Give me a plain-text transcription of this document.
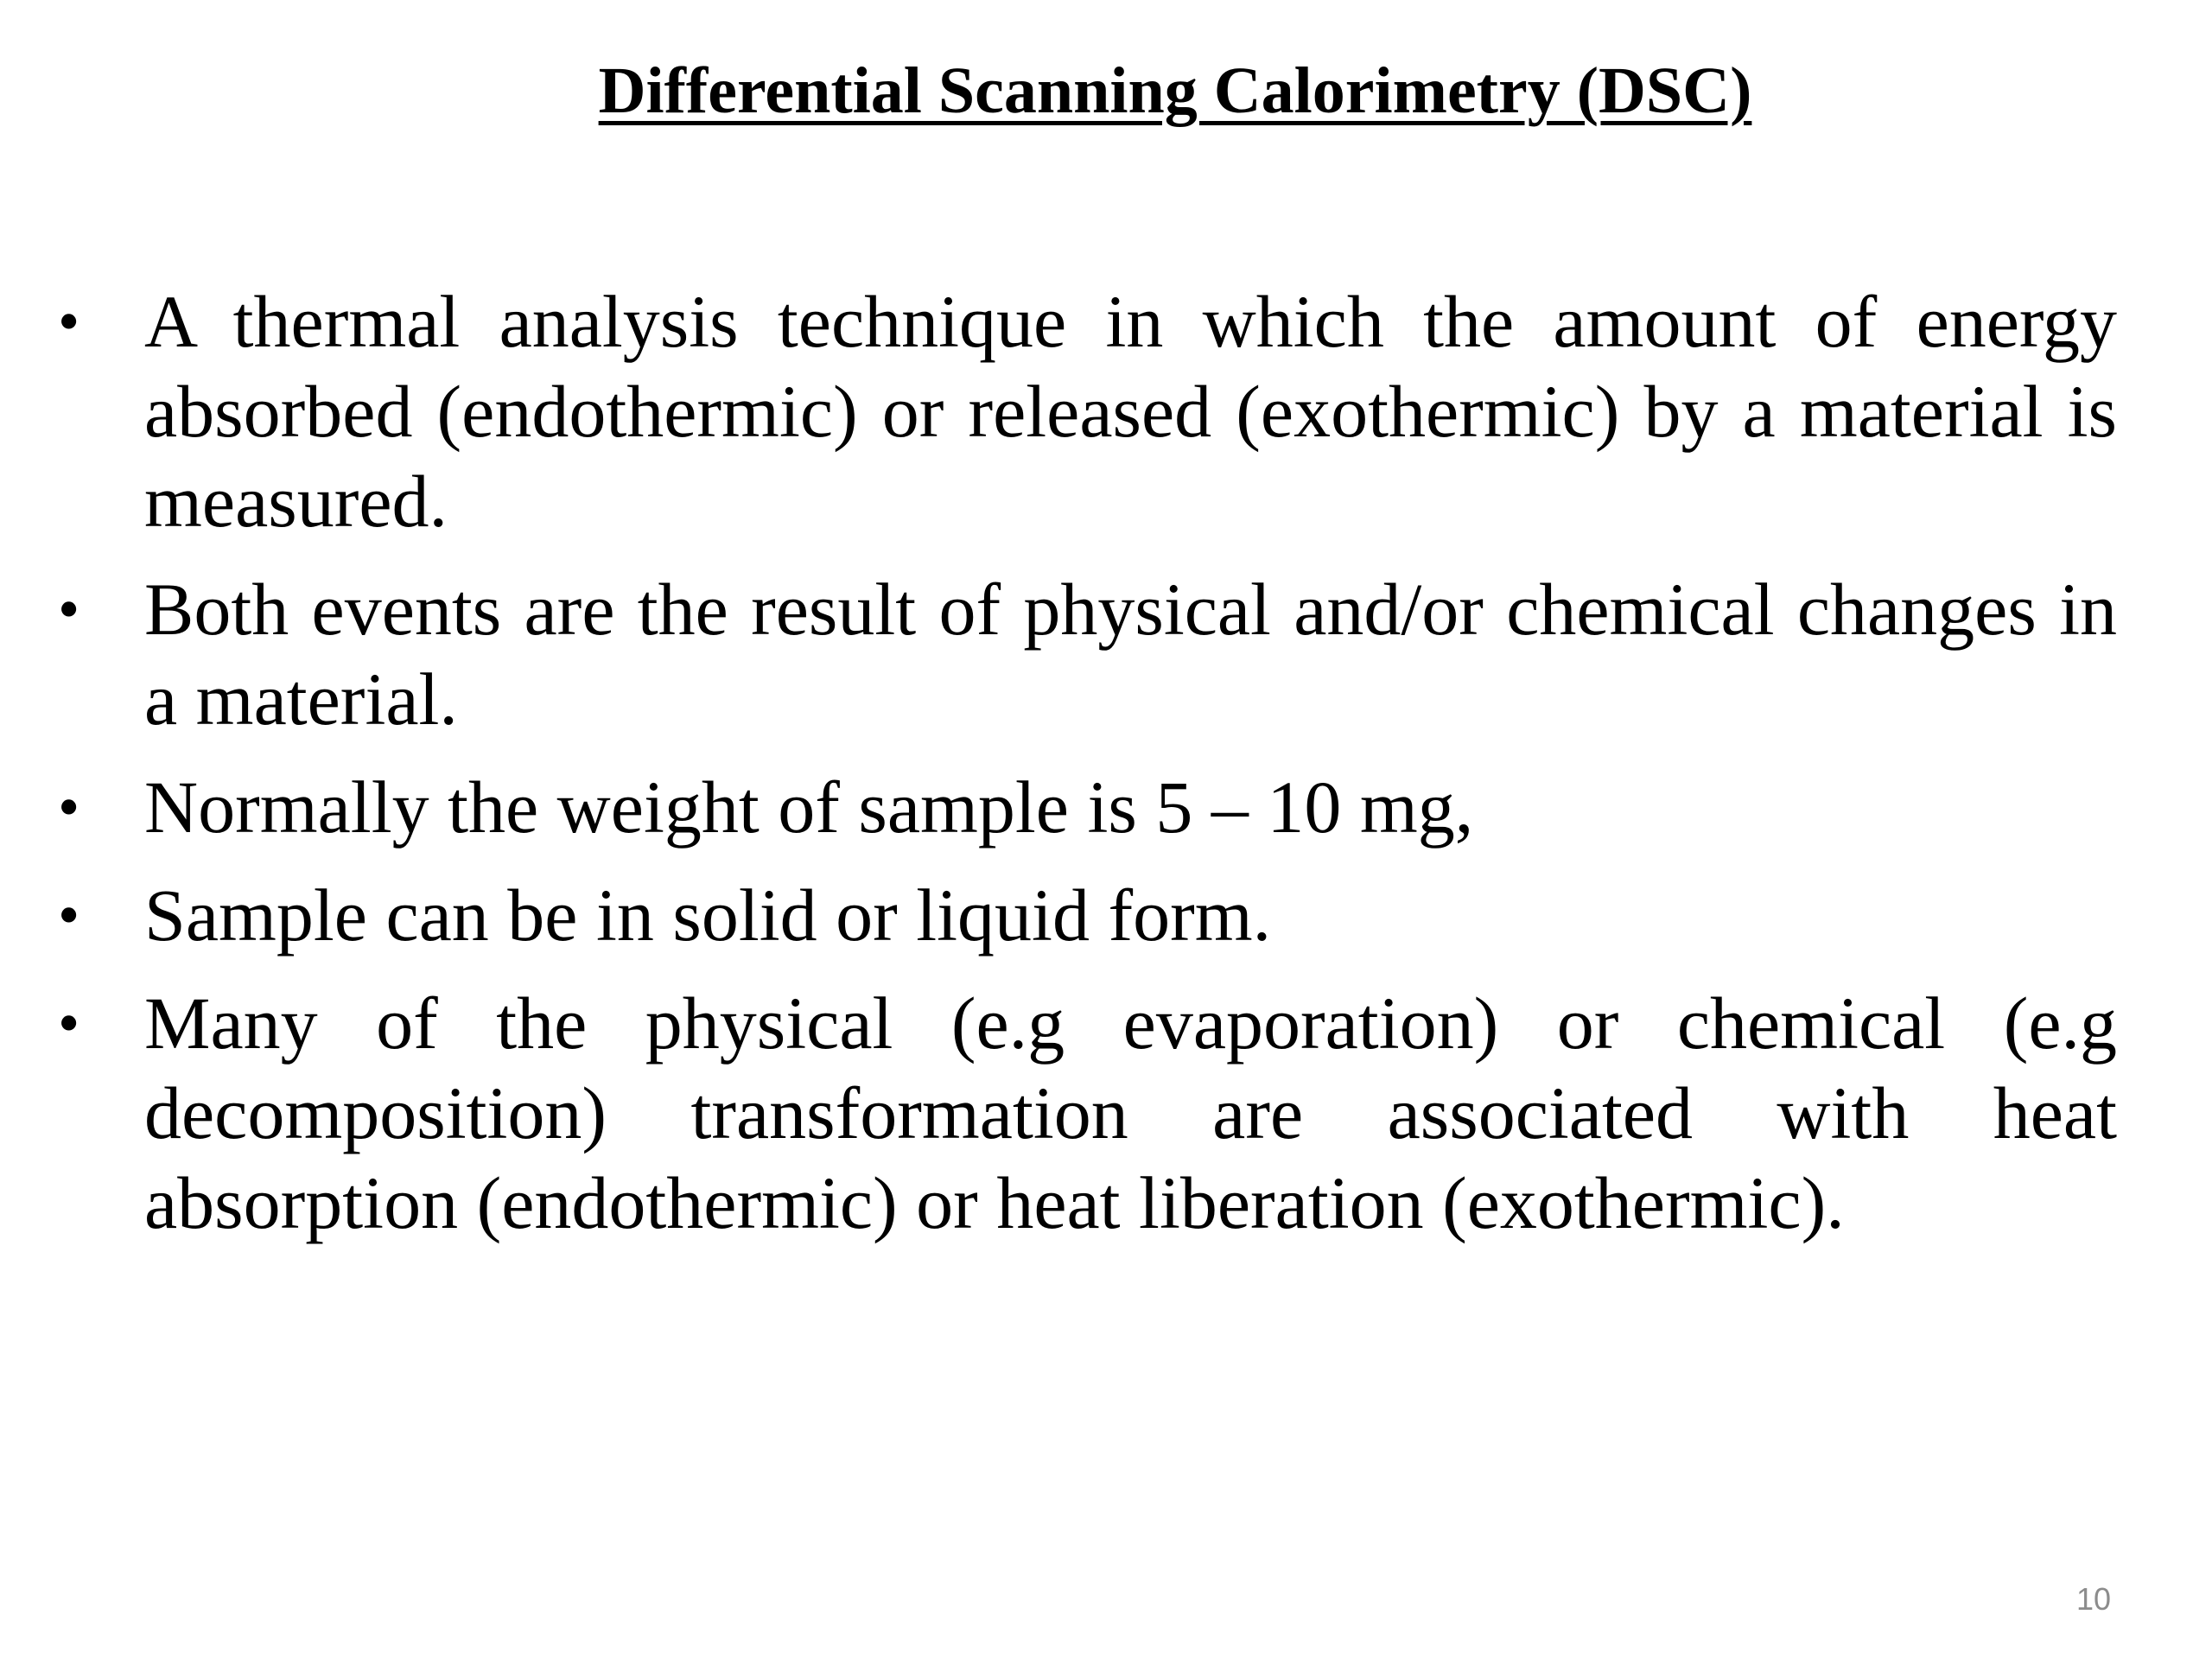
Differential Scanning Calorimetry (DSC)
• A thermal analysis technique in which the amount of energy absorbed (endothermic) or released (exothermic) by a material is measured.
• Both events are the result of physical and/or chemical changes in a material.
• Normally the weight of sample is 5 – 10 mg,
• Sample can be in solid or liquid form.
• Many of the physical (e.g evaporation) or chemical (e.g decomposition) transformation are associated with heat absorption (endothermic) or heat liberation (exothermic).
10
